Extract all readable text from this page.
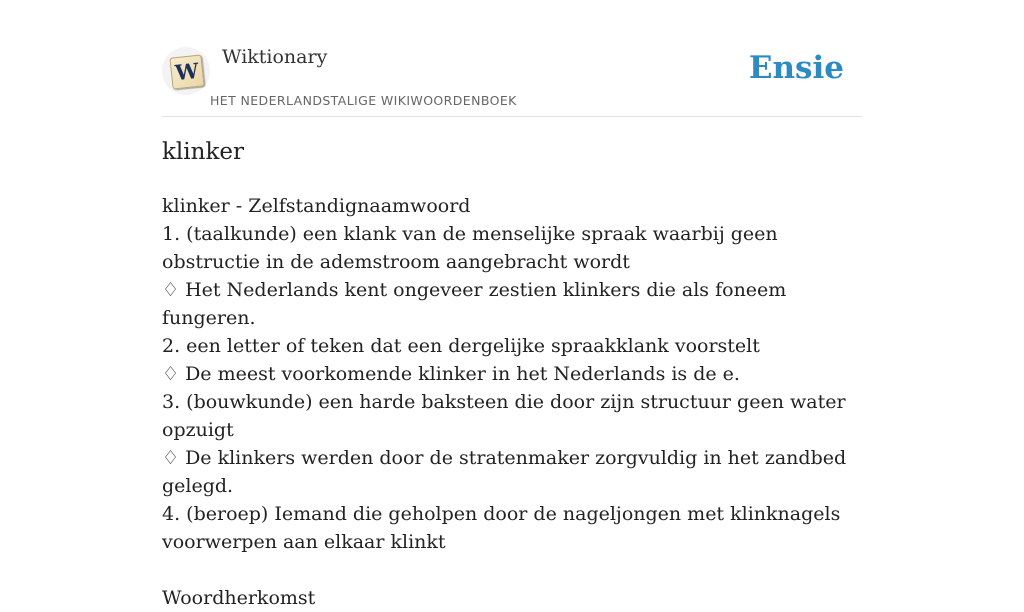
W
Wiktionary
HET NEDERLANDSTALIGE WIKIWOORDENBOEK
Ensie
klinker
klinker - Zelfstandignaamwoord
1. (taalkunde) een klank van de menselijke spraak waarbij geen obstructie in de ademstroom aangebracht wordt
♢ Het Nederlands kent ongeveer zestien klinkers die als foneem fungeren.
2. een letter of teken dat een dergelijke spraakklank voorstelt
♢ De meest voorkomende klinker in het Nederlands is de e.
3. (bouwkunde) een harde baksteen die door zijn structuur geen water opzuigt
♢ De klinkers werden door de stratenmaker zorgvuldig in het zandbed gelegd.
4. (beroep) Iemand die geholpen door de nageljongen met klinknagels voorwerpen aan elkaar klinkt
Woordherkomst
